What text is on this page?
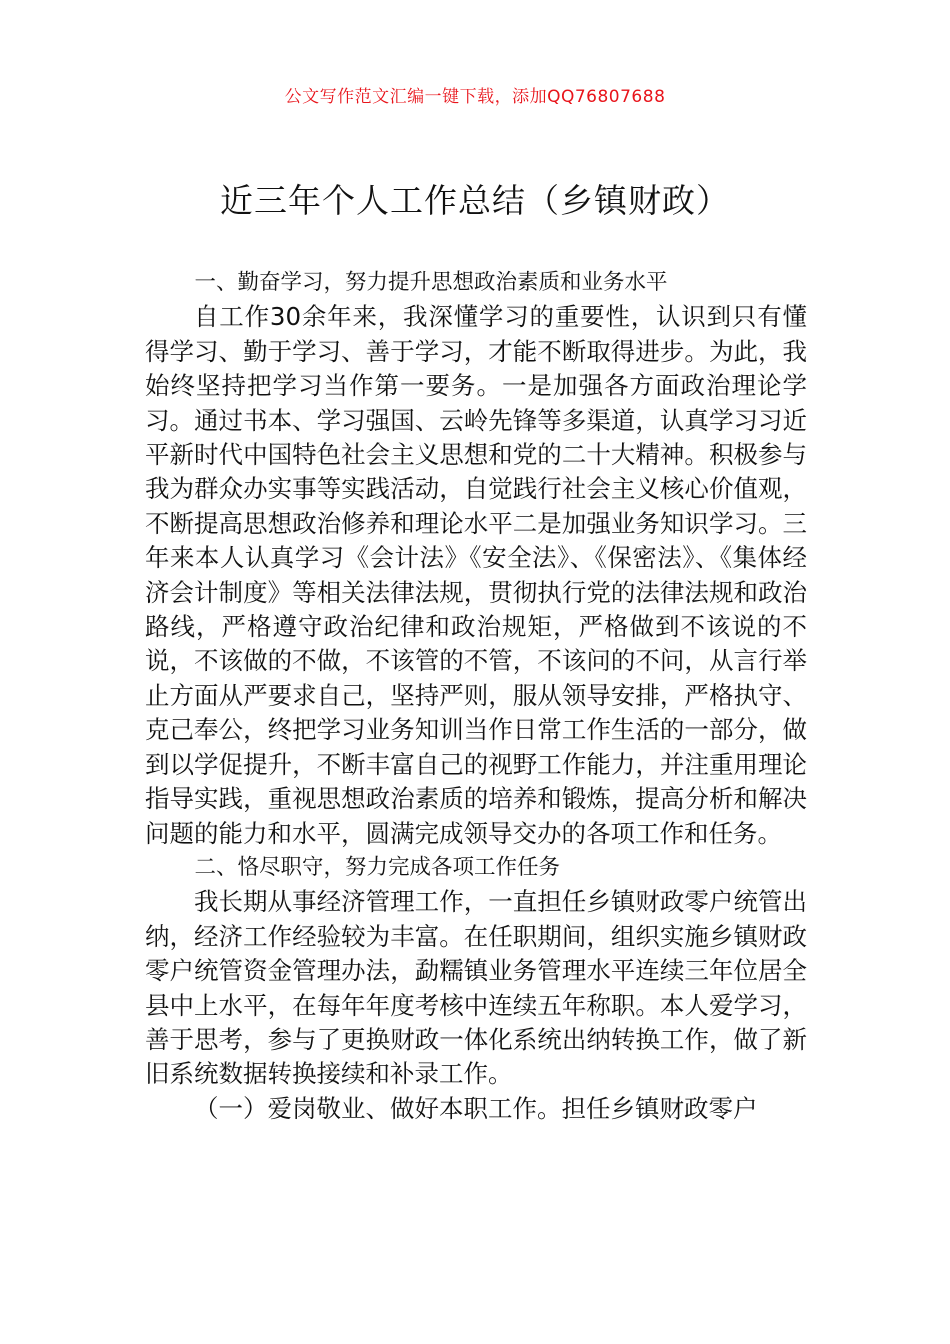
公文写作范文汇编一键下载，添加QQ76807688
近三年个人工作总结（乡镇财政）

一、勤奋学习，努力提升思想政治素质和业务水平

自工作30余年来，我深懂学习的重要性，认识到只有懂得学习、勤于学习、善于学习，才能不断取得进步。为此，我始终坚持把学习当作第一要务。一是加强各方面政治理论学习。通过书本、学习强国、云岭先锋等多渠道，认真学习习近平新时代中国特色社会主义思想和党的二十大精神。积极参与我为群众办实事等实践活动，自觉践行社会主义核心价值观，不断提高思想政治修养和理论水平二是加强业务知识学习。三年来本人认真学习《会计法》《安全法》、《保密法》、《集体经济会计制度》等相关法律法规，贯彻执行党的法律法规和政治路线，严格遵守政治纪律和政治规矩，严格做到不该说的不说，不该做的不做，不该管的不管，不该问的不问，从言行举止方面从严要求自己，坚持严则，服从领导安排，严格执守、克己奉公，终把学习业务知训当作日常工作生活的一部分，做到以学促提升，不断丰富自己的视野工作能力，并注重用理论指导实践，重视思想政治素质的培养和锻炼，提高分析和解决问题的能力和水平，圆满完成领导交办的各项工作和任务。

二、恪尽职守，努力完成各项工作任务

我长期从事经济管理工作，一直担任乡镇财政零户统管出纳，经济工作经验较为丰富。在任职期间，组织实施乡镇财政零户统管资金管理办法，勐糯镇业务管理水平连续三年位居全县中上水平，在每年年度考核中连续五年称职。本人爱学习，善于思考，参与了更换财政一体化系统出纳转换工作，做了新旧系统数据转换接续和补录工作。

（一）爱岗敬业、做好本职工作。担任乡镇财政零户
